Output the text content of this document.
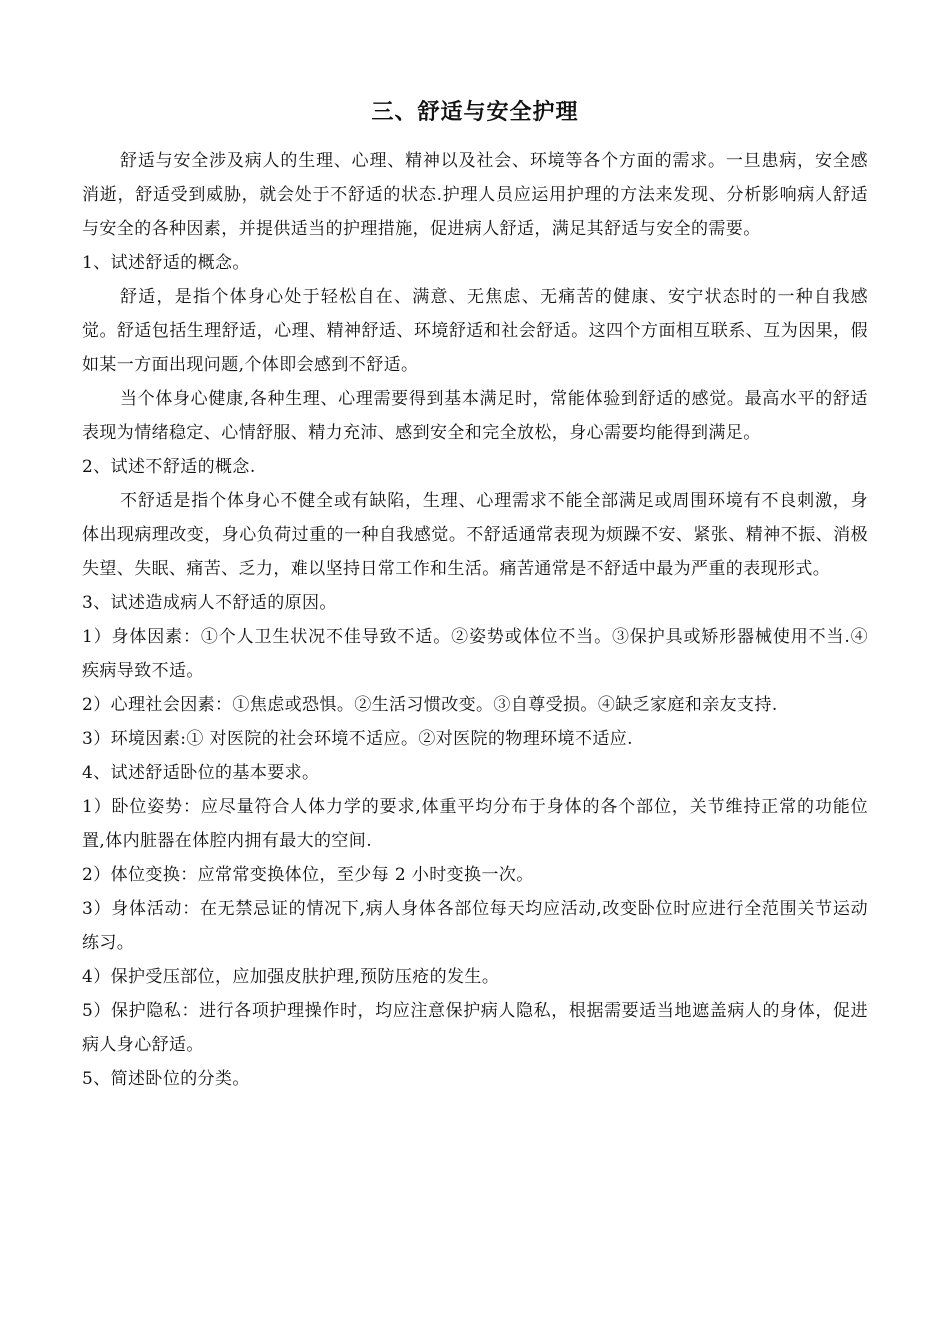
三、舒适与安全护理

舒适与安全涉及病人的生理、心理、精神以及社会、环境等各个方面的需求。一旦患病，安全感消逝，舒适受到威胁，就会处于不舒适的状态.护理人员应运用护理的方法来发现、分析影响病人舒适与安全的各种因素，并提供适当的护理措施，促进病人舒适，满足其舒适与安全的需要。

1、试述舒适的概念。

舒适，是指个体身心处于轻松自在、满意、无焦虑、无痛苦的健康、安宁状态时的一种自我感觉。舒适包括生理舒适，心理、精神舒适、环境舒适和社会舒适。这四个方面相互联系、互为因果，假如某一方面出现问题,个体即会感到不舒适。

当个体身心健康,各种生理、心理需要得到基本满足时，常能体验到舒适的感觉。最高水平的舒适表现为情绪稳定、心情舒服、精力充沛、感到安全和完全放松，身心需要均能得到满足。

2、试述不舒适的概念.

不舒适是指个体身心不健全或有缺陷，生理、心理需求不能全部满足或周围环境有不良刺激，身体出现病理改变，身心负荷过重的一种自我感觉。不舒适通常表现为烦躁不安、紧张、精神不振、消极失望、失眠、痛苦、乏力，难以坚持日常工作和生活。痛苦通常是不舒适中最为严重的表现形式。

3、试述造成病人不舒适的原因。

1）身体因素：①个人卫生状况不佳导致不适。②姿势或体位不当。③保护具或矫形器械使用不当.④ 疾病导致不适。

2）心理社会因素：①焦虑或恐惧。②生活习惯改变。③自尊受损。④缺乏家庭和亲友支持.

3）环境因素:① 对医院的社会环境不适应。②对医院的物理环境不适应.

4、试述舒适卧位的基本要求。

1）卧位姿势：应尽量符合人体力学的要求,体重平均分布于身体的各个部位，关节维持正常的功能位置,体内脏器在体腔内拥有最大的空间.

2）体位变换：应常常变换体位，至少每 2 小时变换一次。

3）身体活动：在无禁忌证的情况下,病人身体各部位每天均应活动,改变卧位时应进行全范围关节运动练习。

4）保护受压部位，应加强皮肤护理,预防压疮的发生。

5）保护隐私：进行各项护理操作时，均应注意保护病人隐私，根据需要适当地遮盖病人的身体，促进病人身心舒适。

5、简述卧位的分类。
